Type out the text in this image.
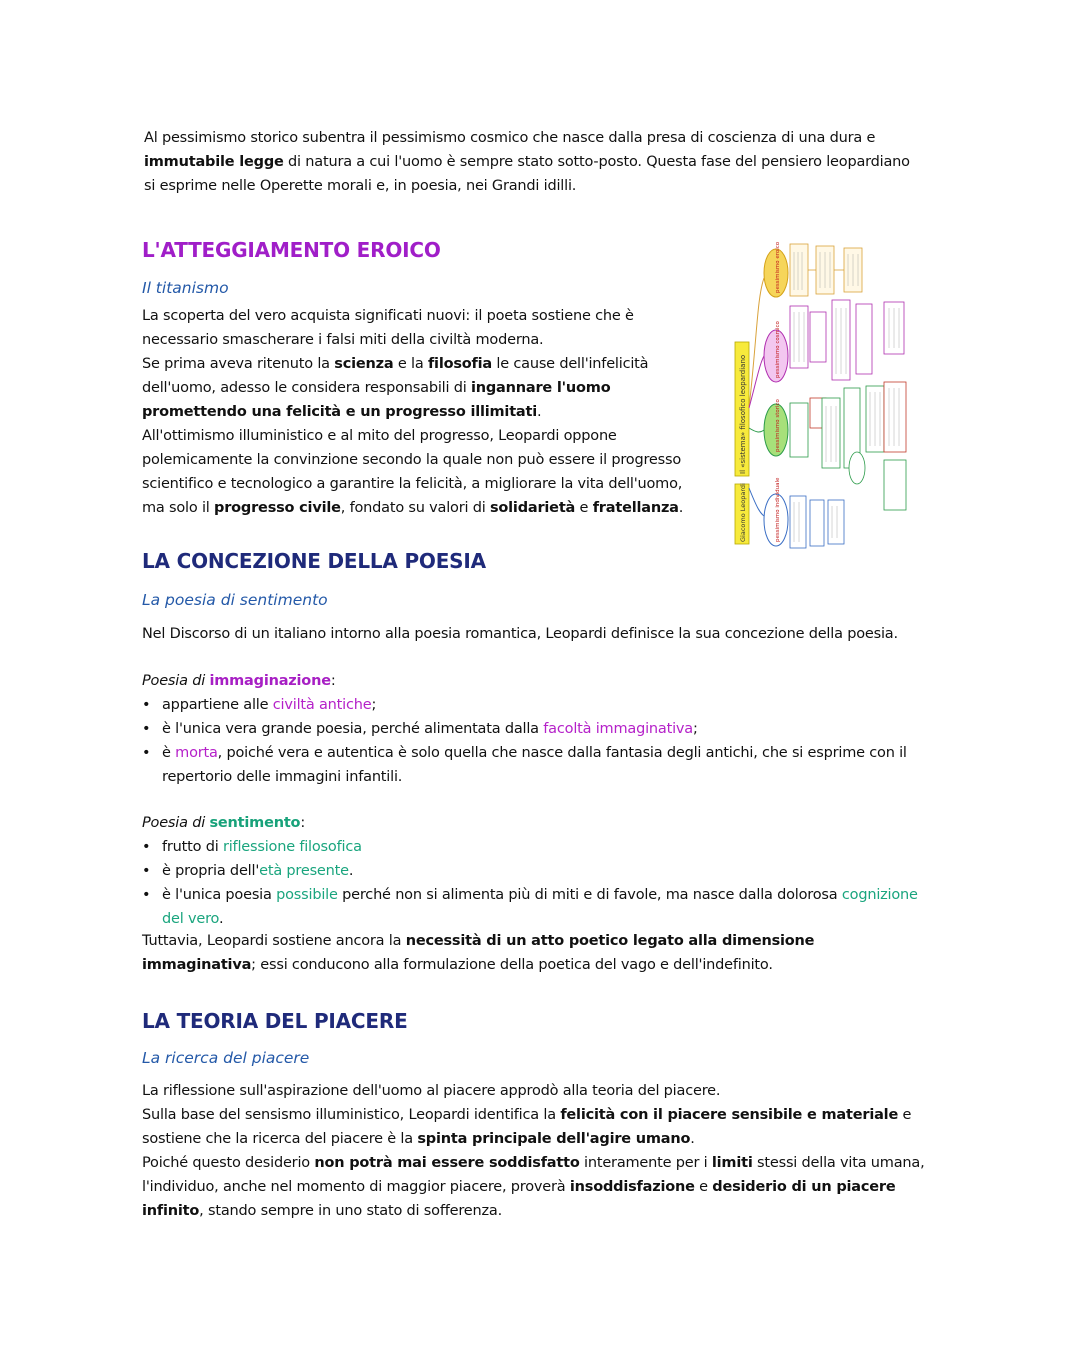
Al pessimismo storico subentra il pessimismo cosmico che nasce dalla presa di coscienza di una dura e immutabile legge di natura a cui l'uomo è sempre stato sotto-posto. Questa fase del pensiero leopardiano si esprime nelle Operette morali e, in poesia, nei Grandi idilli.
L'ATTEGGIAMENTO EROICO
Il titanismo
La scoperta del vero acquista significati nuovi: il poeta sostiene che è necessario smascherare i falsi miti della civiltà moderna.
Se prima aveva ritenuto la scienza e la filosofia le cause dell'infelicità dell'uomo, adesso le considera responsabili di ingannare l'uomo promettendo una felicità e un progresso illimitati.
All'ottimismo illuministico e al mito del progresso, Leopardi oppone polemicamente la convinzione secondo la quale non può essere il progresso scientifico e tecnologico a garantire la felicità, a migliorare la vita dell'uomo, ma solo il progresso civile, fondato su valori di solidarietà e fratellanza.
Il «sistema» filosofico leopardiano
Giacomo Leopardi
pessimismo eroico
pessimismo cosmico
pessimismo storico
pessimismo individuale
LA CONCEZIONE DELLA POESIA
La poesia di sentimento
Nel Discorso di un italiano intorno alla poesia romantica, Leopardi definisce la sua concezione della poesia.
Poesia di immaginazione:
• appartiene alle civiltà antiche;
• è l'unica vera grande poesia, perché alimentata dalla facoltà immaginativa;
• è morta, poiché vera e autentica è solo quella che nasce dalla fantasia degli antichi, che si esprime con il repertorio delle immagini infantili.
Poesia di sentimento:
• frutto di riflessione filosofica
• è propria dell'età presente.
• è l'unica poesia possibile perché non si alimenta più di miti e di favole, ma nasce dalla dolorosa cognizione del vero.
Tuttavia, Leopardi sostiene ancora la necessità di un atto poetico legato alla dimensione immaginativa; essi conducono alla formulazione della poetica del vago e dell'indefinito.
LA TEORIA DEL PIACERE
La ricerca del piacere
La riflessione sull'aspirazione dell'uomo al piacere approdò alla teoria del piacere.
Sulla base del sensismo illuministico, Leopardi identifica la felicità con il piacere sensibile e materiale e sostiene che la ricerca del piacere è la spinta principale dell'agire umano.
Poiché questo desiderio non potrà mai essere soddisfatto interamente per i limiti stessi della vita umana, l'individuo, anche nel momento di maggior piacere, proverà insoddisfazione e desiderio di un piacere infinito, stando sempre in uno stato di sofferenza.
